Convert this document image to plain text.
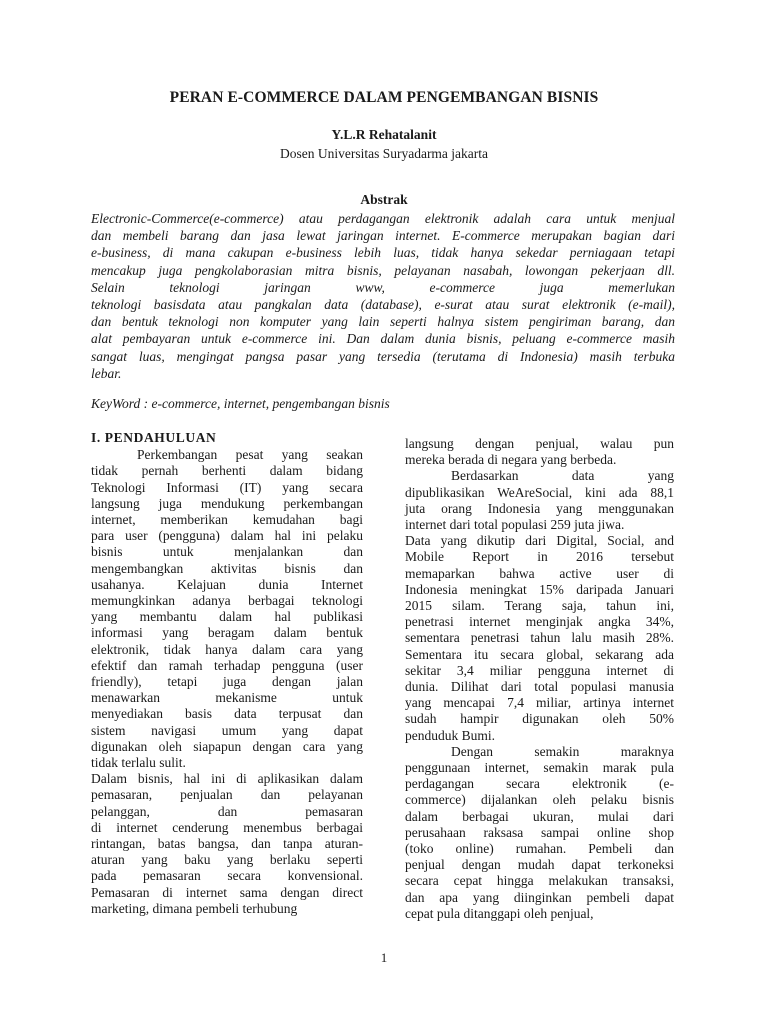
PERAN E-COMMERCE DALAM PENGEMBANGAN BISNIS
Y.L.R Rehatalanit
Dosen Universitas Suryadarma jakarta
Abstrak
Electronic-Commerce(e-commerce) atau perdagangan elektronik adalah cara untuk menjual
dan membeli barang dan jasa lewat jaringan internet. E-commerce merupakan bagian dari
e-business, di mana cakupan e-business lebih luas, tidak hanya sekedar perniagaan tetapi
mencakup juga pengkolaborasian mitra bisnis, pelayanan nasabah, lowongan pekerjaan dll.
Selain teknologi jaringan www, e-commerce juga memerlukan
teknologi basisdata atau pangkalan data (database), e-surat atau surat elektronik (e-mail),
dan bentuk teknologi non komputer yang lain seperti halnya sistem pengiriman barang, dan
alat pembayaran untuk e-commerce ini. Dan dalam dunia bisnis, peluang e-commerce masih
sangat luas, mengingat pangsa pasar yang tersedia (terutama di Indonesia) masih terbuka
lebar.
KeyWord : e-commerce, internet, pengembangan bisnis
I. PENDAHULUAN
Perkembangan pesat yang seakan
tidak pernah berhenti dalam bidang
Teknologi Informasi (IT) yang secara
langsung juga mendukung perkembangan
internet, memberikan kemudahan bagi
para user (pengguna) dalam hal ini pelaku
bisnis untuk menjalankan dan
mengembangkan aktivitas bisnis dan
usahanya. Kelajuan dunia Internet
memungkinkan adanya berbagai teknologi
yang membantu dalam hal publikasi
informasi yang beragam dalam bentuk
elektronik, tidak hanya dalam cara yang
efektif dan ramah terhadap pengguna (user
friendly), tetapi juga dengan jalan
menawarkan mekanisme untuk
menyediakan basis data terpusat dan
sistem navigasi umum yang dapat
digunakan oleh siapapun dengan cara yang
tidak terlalu sulit.
Dalam bisnis, hal ini di aplikasikan dalam
pemasaran, penjualan dan pelayanan
pelanggan, dan pemasaran
di internet cenderung menembus berbagai
rintangan, batas bangsa, dan tanpa aturan-
aturan yang baku yang berlaku seperti
pada pemasaran secara konvensional.
Pemasaran di internet sama dengan direct
marketing, dimana pembeli terhubung
langsung dengan penjual, walau pun
mereka berada di negara yang berbeda.
Berdasarkan data yang
dipublikasikan WeAreSocial, kini ada 88,1
juta orang Indonesia yang menggunakan
internet dari total populasi 259 juta jiwa.
Data yang dikutip dari Digital, Social, and
Mobile Report in 2016 tersebut
memaparkan bahwa active user di
Indonesia meningkat 15% daripada Januari
2015 silam. Terang saja, tahun ini,
penetrasi internet menginjak angka 34%,
sementara penetrasi tahun lalu masih 28%.
Sementara itu secara global, sekarang ada
sekitar 3,4 miliar pengguna internet di
dunia. Dilihat dari total populasi manusia
yang mencapai 7,4 miliar, artinya internet
sudah hampir digunakan oleh 50%
penduduk Bumi.
Dengan semakin maraknya
penggunaan internet, semakin marak pula
perdagangan secara elektronik (e-
commerce) dijalankan oleh pelaku bisnis
dalam berbagai ukuran, mulai dari
perusahaan raksasa sampai online shop
(toko online) rumahan. Pembeli dan
penjual dengan mudah dapat terkoneksi
secara cepat hingga melakukan transaksi,
dan apa yang diinginkan pembeli dapat
cepat pula ditanggapi oleh penjual,
1
